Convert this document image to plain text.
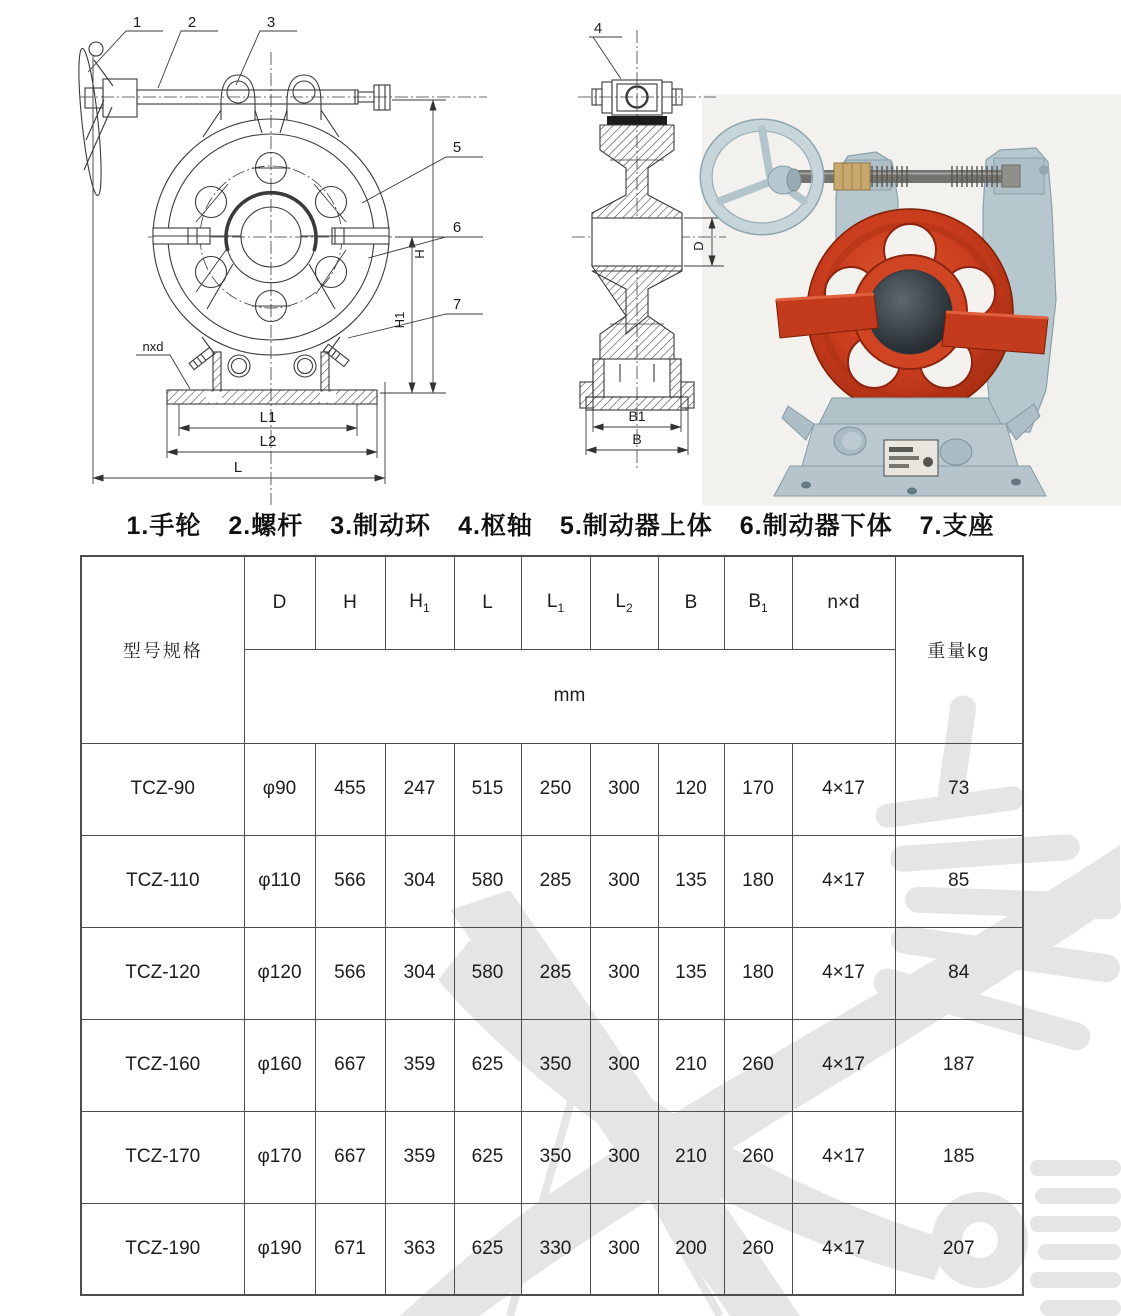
1	2	3
5
6
7
nxd
L1
L2
L
H
H1
4
D
B1
B
1.手轮 2.螺杆 3.制动环 4.枢轴 5.制动器上体 6.制动器下体 7.支座
型号规格	D	H	$H_1$	L	$L_1$	$L_2$	B	$B_1$	n×d	重量kg
	mm									
TCZ-90	φ90	455	247	515	250	300	120	170	4×17	73
TCZ-110	φ110	566	304	580	285	300	135	180	4×17	85
TCZ-120	φ120	566	304	580	285	300	135	180	4×17	84
TCZ-160	φ160	667	359	625	350	300	210	260	4×17	187
TCZ-170	φ170	667	359	625	350	300	210	260	4×17	185
TCZ-190	φ190	671	363	625	330	300	200	260	4×17	207
